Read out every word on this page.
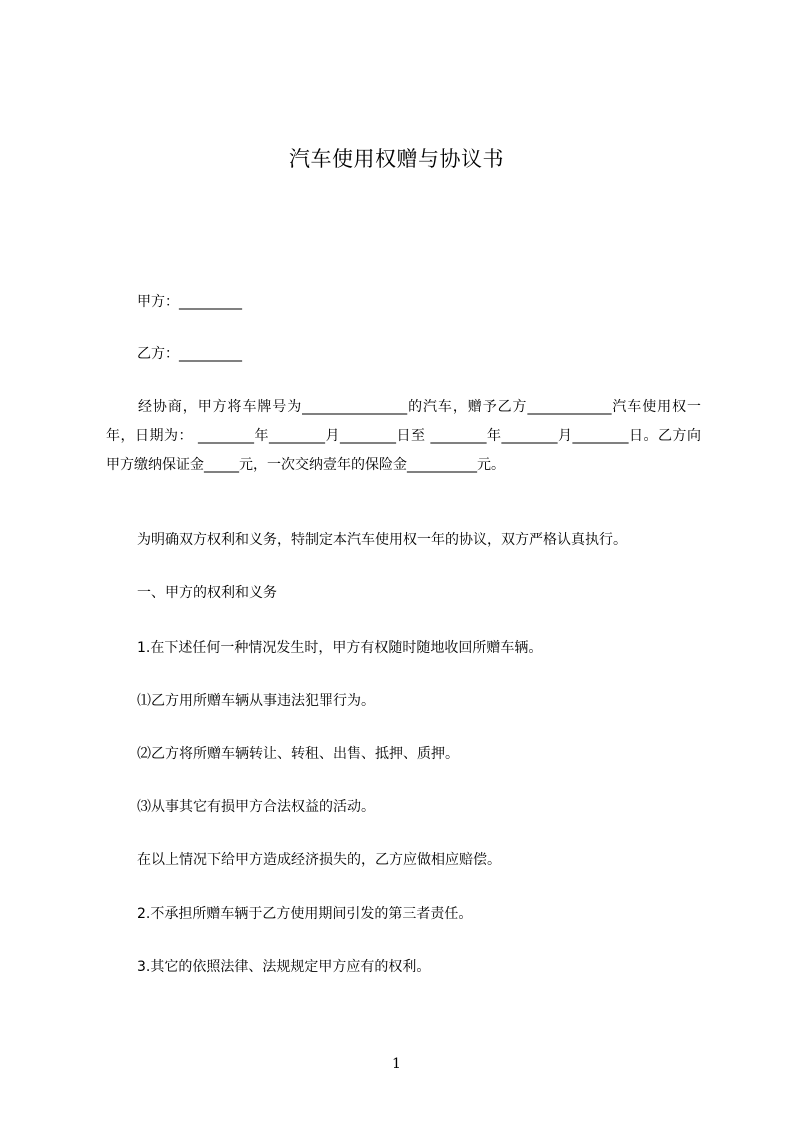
汽车使用权赠与协议书
甲方：_________
乙方：_________
经协商，甲方将车牌号为_______________的汽车，赠予乙方____________汽车使用权一年，日期为： ________年________月________日至 ________年________月________日。乙方向甲方缴纳保证金_____元，一次交纳壹年的保险金__________元。
为明确双方权利和义务，特制定本汽车使用权一年的协议，双方严格认真执行。
一、甲方的权利和义务
1.在下述任何一种情况发生时，甲方有权随时随地收回所赠车辆。
⑴乙方用所赠车辆从事违法犯罪行为。
⑵乙方将所赠车辆转让、转租、出售、抵押、质押。
⑶从事其它有损甲方合法权益的活动。
在以上情况下给甲方造成经济损失的，乙方应做相应赔偿。
2.不承担所赠车辆于乙方使用期间引发的第三者责任。
3.其它的依照法律、法规规定甲方应有的权利。
1
